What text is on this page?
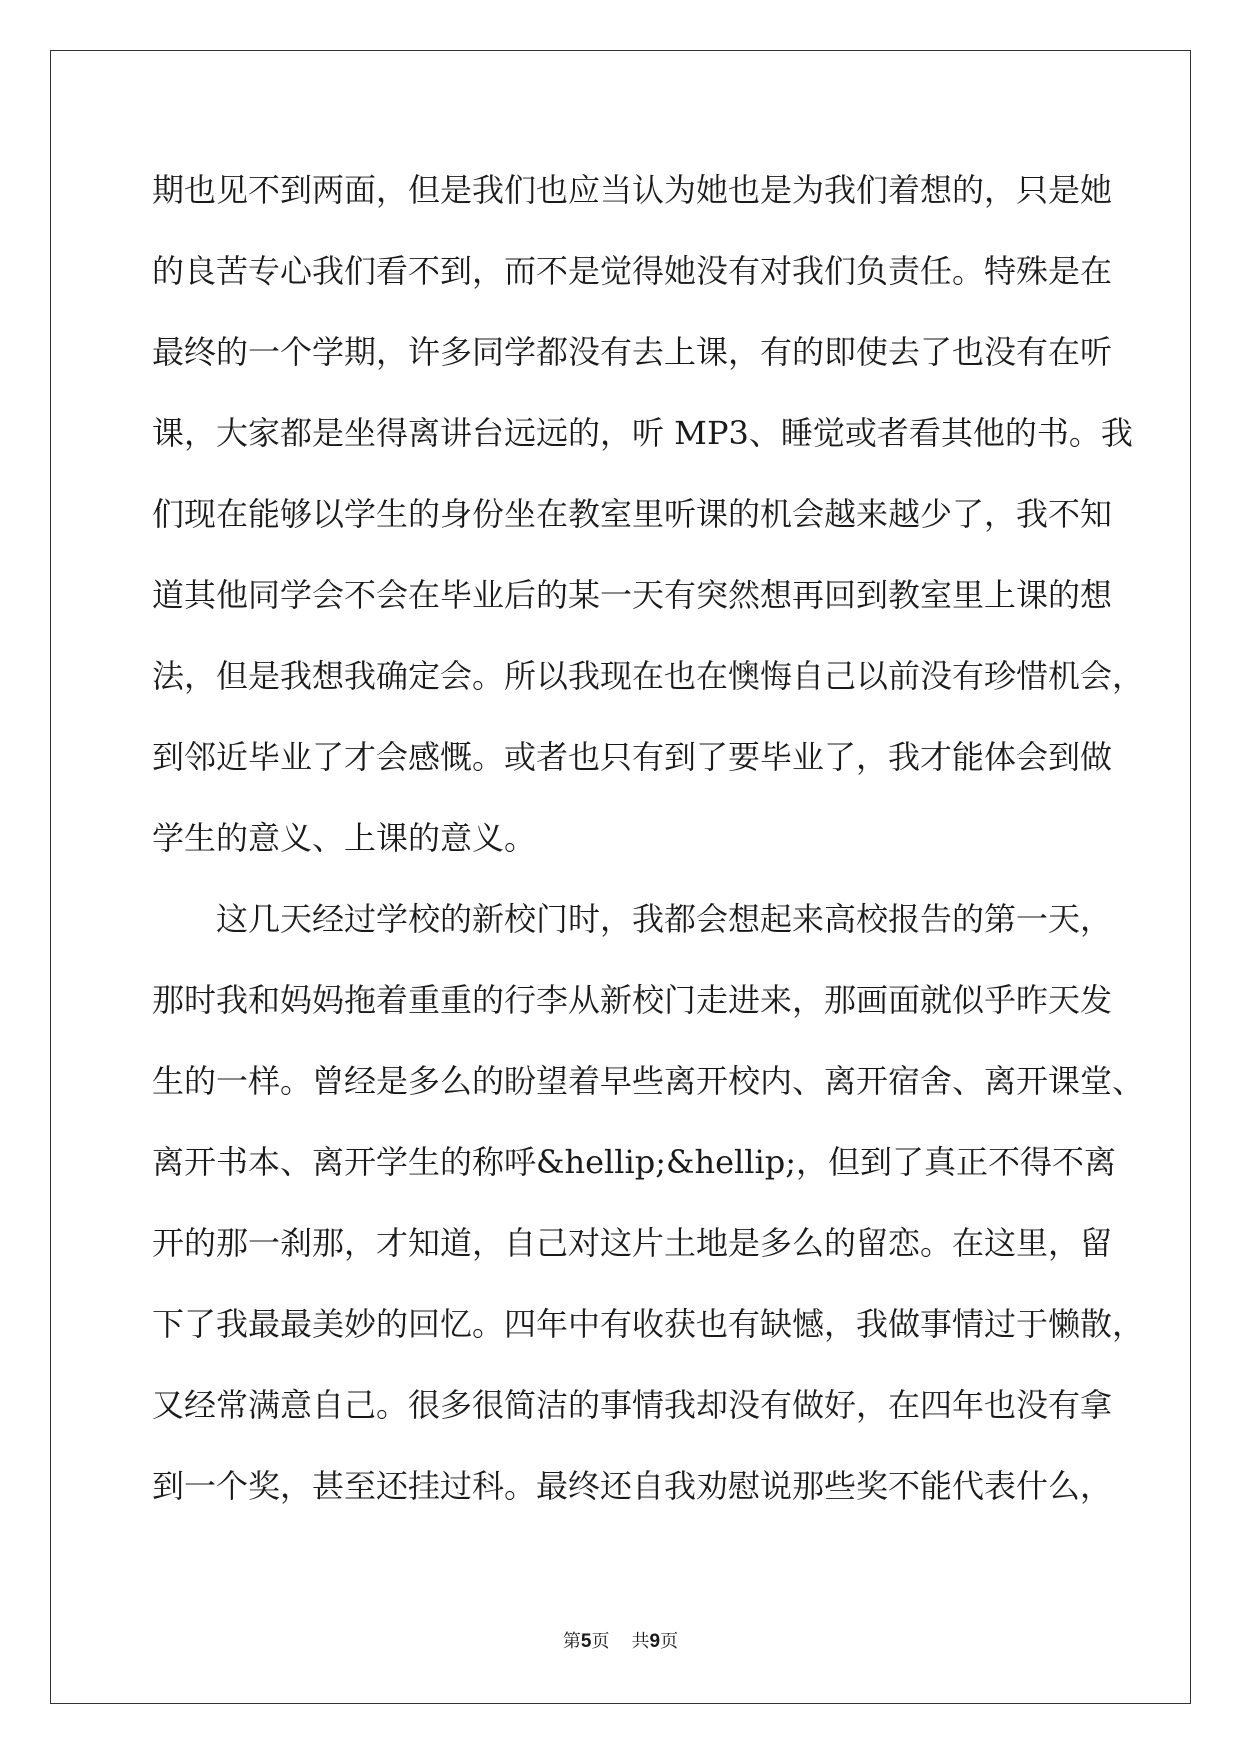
期也见不到两面，但是我们也应当认为她也是为我们着想的，只是她
的良苦专心我们看不到，而不是觉得她没有对我们负责任。特殊是在
最终的一个学期，许多同学都没有去上课，有的即使去了也没有在听
课，大家都是坐得离讲台远远的，听 MP3、睡觉或者看其他的书。我
们现在能够以学生的身份坐在教室里听课的机会越来越少了，我不知
道其他同学会不会在毕业后的某一天有突然想再回到教室里上课的想
法，但是我想我确定会。所以我现在也在懊悔自己以前没有珍惜机会，
到邻近毕业了才会感慨。或者也只有到了要毕业了，我才能体会到做
学生的意义、上课的意义。
这几天经过学校的新校门时，我都会想起来高校报告的第一天，
那时我和妈妈拖着重重的行李从新校门走进来，那画面就似乎昨天发
生的一样。曾经是多么的盼望着早些离开校内、离开宿舍、离开课堂、
离开书本、离开学生的称呼&hellip;&hellip;，但到了真正不得不离
开的那一刹那，才知道，自己对这片土地是多么的留恋。在这里，留
下了我最最美妙的回忆。四年中有收获也有缺憾，我做事情过于懒散，
又经常满意自己。很多很简洁的事情我却没有做好，在四年也没有拿
到一个奖，甚至还挂过科。最终还自我劝慰说那些奖不能代表什么，
第5页 共9页
